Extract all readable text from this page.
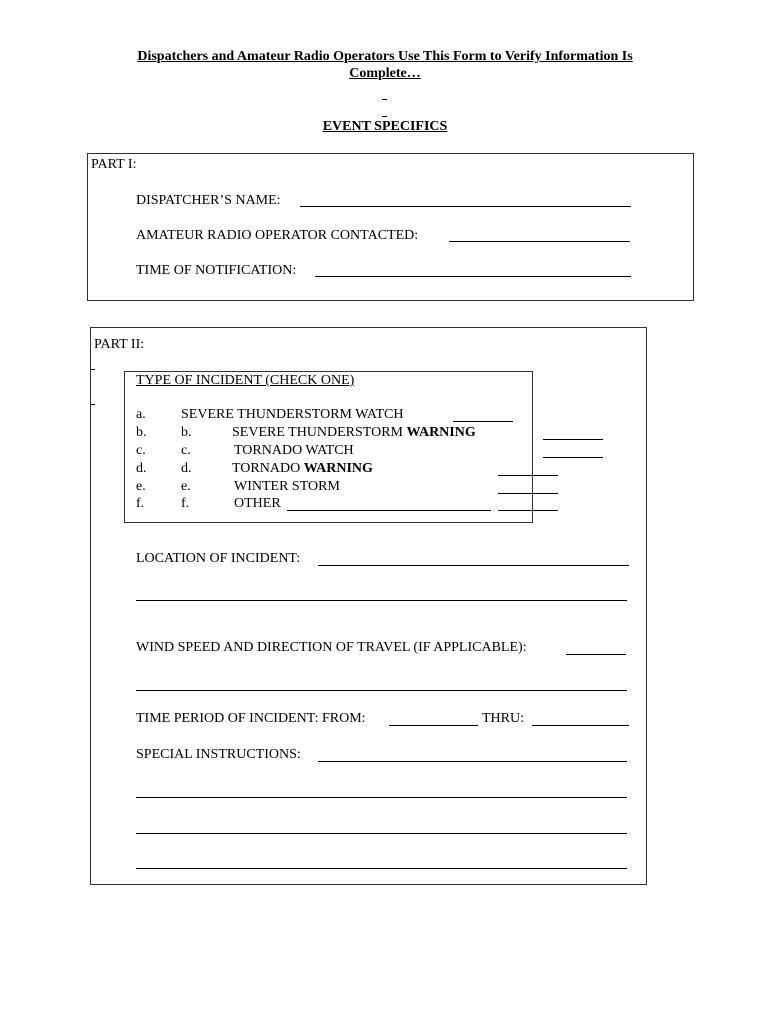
Dispatchers and Amateur Radio Operators Use This Form to Verify Information Is
Complete…
EVENT SPECIFICS
PART I:
DISPATCHER’S NAME:
AMATEUR RADIO OPERATOR CONTACTED:
TIME OF NOTIFICATION:
PART II:
TYPE OF INCIDENT (CHECK ONE)
a.	SEVERE THUNDERSTORM WATCH
b. b.	SEVERE THUNDERSTORM WARNING
c.	c.	TORNADO WATCH
d. d.	TORNADO WARNING
e.	e.	WINTER STORM
f.	f.	OTHER
LOCATION OF INCIDENT:
WIND SPEED AND DIRECTION OF TRAVEL (IF APPLICABLE):
TIME PERIOD OF INCIDENT: FROM:	THRU:
SPECIAL INSTRUCTIONS:
